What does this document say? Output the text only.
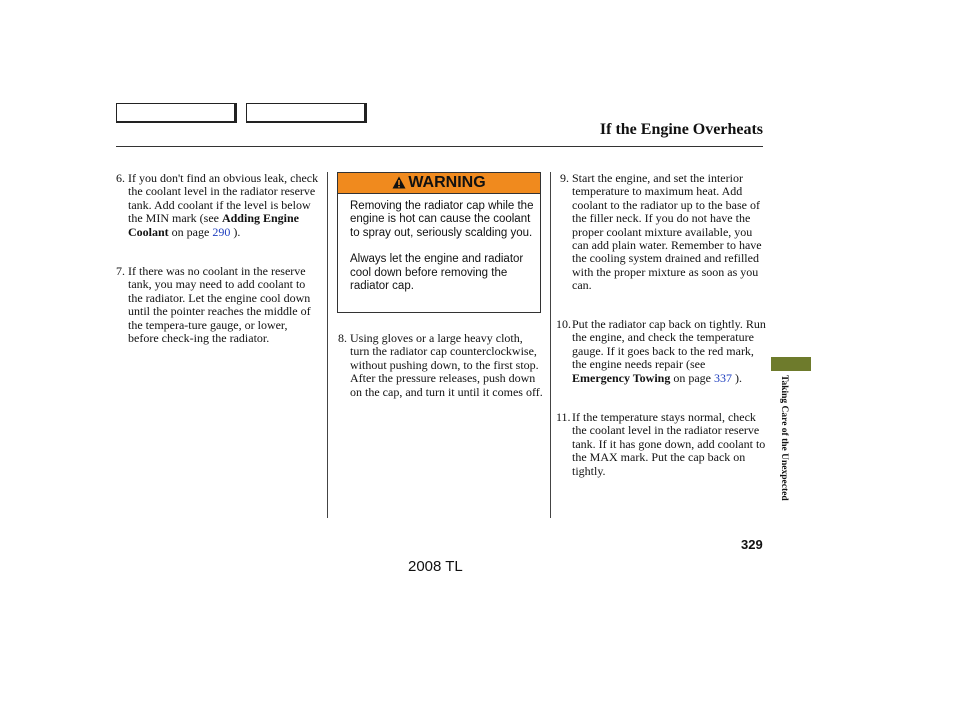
If the Engine Overheats
6. If you don't find an obvious leak, check the coolant level in the radiator reserve tank. Add coolant if the level is below the MIN mark (see Adding Engine Coolant on page 290 ).
7. If there was no coolant in the reserve tank, you may need to add coolant to the radiator. Let the engine cool down until the pointer reaches the middle of the tempera-ture gauge, or lower, before check-ing the radiator.
WARNING

Removing the radiator cap while the engine is hot can cause the coolant to spray out, seriously scalding you.

Always let the engine and radiator cool down before removing the radiator cap.

8. Using gloves or a large heavy cloth, turn the radiator cap counterclockwise, without pushing down, to the first stop. After the pressure releases, push down on the cap, and turn it until it comes off.
9. Start the engine, and set the interior temperature to maximum heat. Add coolant to the radiator up to the base of the filler neck. If you do not have the proper coolant mixture available, you can add plain water. Remember to have the cooling system drained and refilled with the proper mixture as soon as you can.
10. Put the radiator cap back on tightly. Run the engine, and check the temperature gauge. If it goes back to the red mark, the engine needs repair (see Emergency Towing on page 337 ).
11. If the temperature stays normal, check the coolant level in the radiator reserve tank. If it has gone down, add coolant to the MAX mark. Put the cap back on tightly.	Taking Care of the Unexpected
329
2008 TL
